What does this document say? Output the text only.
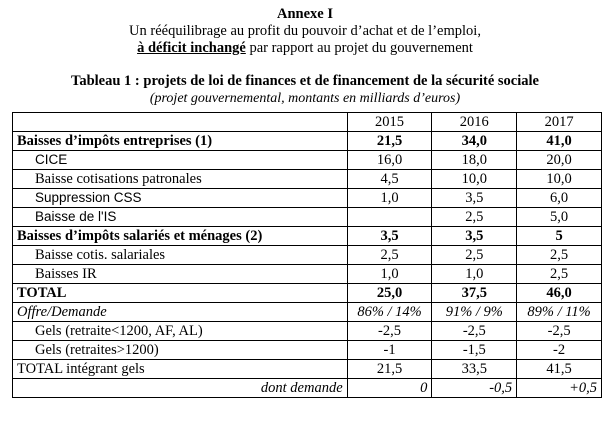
Annexe I
Un rééquilibrage au profit du pouvoir d’achat et de l’emploi,
à déficit inchangé par rapport au projet du gouvernement
Tableau 1 : projets de loi de finances et de financement de la sécurité sociale
(projet gouvernemental, montants en milliards d’euros)
	2015	2016	2017
Baisses d’impôts entreprises (1)	21,5	34,0	41,0
CICE	16,0	18,0	20,0
Baisse cotisations patronales	4,5	10,0	10,0
Suppression CSS	1,0	3,5	6,0
Baisse de l'IS		2,5	5,0
Baisses d’impôts salariés et ménages (2)	3,5	3,5	5
Baisse cotis. salariales	2,5	2,5	2,5
Baisses IR	1,0	1,0	2,5
TOTAL	25,0	37,5	46,0
Offre/Demande	86% / 14%	91% / 9%	89% / 11%
Gels (retraite<1200, AF, AL)	-2,5	-2,5	-2,5
Gels (retraites>1200)	-1	-1,5	-2
TOTAL intégrant gels	21,5	33,5	41,5
dont demande	0	-0,5	+0,5
